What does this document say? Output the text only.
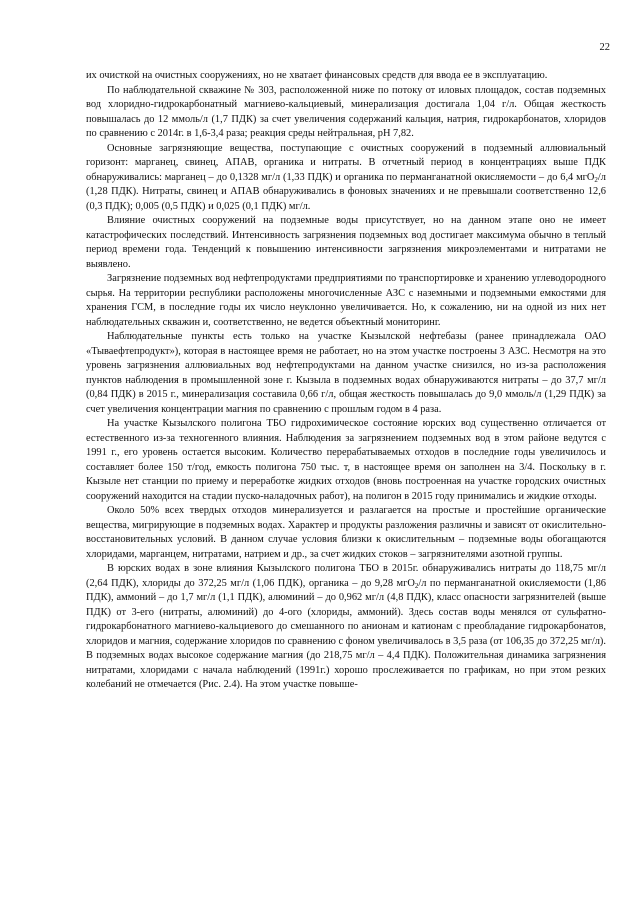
22

их очисткой на очистных сооружениях, но не хватает финансовых средств для ввода ее в эксплуатацию.

По наблюдательной скважине № 303, расположенной ниже по потоку от иловых площадок, состав подземных вод хлоридно-гидрокарбонатный магниево-кальциевый, минерализация достигала 1,04 г/л. Общая жесткость повышалась до 12 ммоль/л (1,7 ПДК) за счет увеличения содержаний кальция, натрия, гидрокарбонатов, хлоридов по сравнению с 2014г. в 1,6-3,4 раза; реакция среды нейтральная, рН 7,82.

Основные загрязняющие вещества, поступающие с очистных сооружений в подземный аллювиальный горизонт: марганец, свинец, АПАВ, органика и нитраты. В отчетный период в концентрациях выше ПДК обнаруживались: марганец – до 0,1328 мг/л (1,33 ПДК) и органика по перманганатной окисляемости – до 6,4 мгО$_2$/л (1,28 ПДК). Нитраты, свинец и АПАВ обнаруживались в фоновых значениях и не превышали соответственно 12,6 (0,3 ПДК); 0,005 (0,5 ПДК) и 0,025 (0,1 ПДК) мг/л.

Влияние очистных сооружений на подземные воды присутствует, но на данном этапе оно не имеет катастрофических последствий. Интенсивность загрязнения подземных вод достигает максимума обычно в теплый период времени года. Тенденций к повышению интенсивности загрязнения микроэлементами и нитратами не выявлено.

Загрязнение подземных вод нефтепродуктами предприятиями по транспортировке и хранению углеводородного сырья. На территории республики расположены многочисленные АЗС с наземными и подземными емкостями для хранения ГСМ, в последние годы их число неуклонно увеличивается. Но, к сожалению, ни на одной из них нет наблюдательных скважин и, соответственно, не ведется объектный мониторинг.

Наблюдательные пункты есть только на участке Кызылской нефтебазы (ранее принадлежала ОАО «Тываефтепродукт»), которая в настоящее время не работает, но на этом участке построены 3 АЗС. Несмотря на это уровень загрязнения аллювиальных вод нефтепродуктами на данном участке снизился, но из-за расположения пунктов наблюдения в промышленной зоне г. Кызыла в подземных водах обнаруживаются нитраты – до 37,7 мг/л (0,84 ПДК) в 2015 г., минерализация составила 0,66 г/л, общая жесткость повышалась до 9,0 ммоль/л (1,29 ПДК) за счет увеличения концентрации магния по сравнению с прошлым годом в 4 раза.

На участке Кызылского полигона ТБО гидрохимическое состояние юрских вод существенно отличается от естественного из-за техногенного влияния. Наблюдения за загрязнением подземных вод в этом районе ведутся с 1991 г., его уровень остается высоким. Количество перерабатываемых отходов в последние годы увеличилось и составляет более 150 т/год, емкость полигона 750 тыс. т, в настоящее время он заполнен на 3/4. Поскольку в г. Кызыле нет станции по приему и переработке жидких отходов (вновь построенная на участке городских очистных сооружений находится на стадии пуско-наладочных работ), на полигон в 2015 году принимались и жидкие отходы.

Около 50% всех твердых отходов минерализуется и разлагается на простые и простейшие органические вещества, мигрирующие в подземных водах. Характер и продукты разложения различны и зависят от окислительно-восстановительных условий. В данном случае условия близки к окислительным – подземные воды обогащаются хлоридами, марганцем, нитратами, натрием и др., за счет жидких стоков – загрязнителями азотной группы.

В юрских водах в зоне влияния Кызылского полигона ТБО в 2015г. обнаруживались нитраты до 118,75 мг/л (2,64 ПДК), хлориды до 372,25 мг/л (1,06 ПДК), органика – до 9,28 мгО$_2$/л по перманганатной окисляемости (1,86 ПДК), аммоний – до 1,7 мг/л (1,1 ПДК), алюминий – до 0,962 мг/л (4,8 ПДК), класс опасности загрязнителей (выше ПДК) от 3-его (нитраты, алюминий) до 4-ого (хлориды, аммоний). Здесь состав воды менялся от сульфатно-гидрокарбонатного магниево-кальциевого до смешанного по анионам и катионам с преобладание гидрокарбонатов, хлоридов и магния, содержание хлоридов по сравнению с фоном увеличивалось в 3,5 раза (от 106,35 до 372,25 мг/л). В подземных водах высокое содержание магния (до 218,75 мг/л – 4,4 ПДК). Положительная динамика загрязнения нитратами, хлоридами с начала наблюдений (1991г.) хорошо прослеживается по графикам, но при этом резких колебаний не отмечается (Рис. 2.4). На этом участке повыше-
